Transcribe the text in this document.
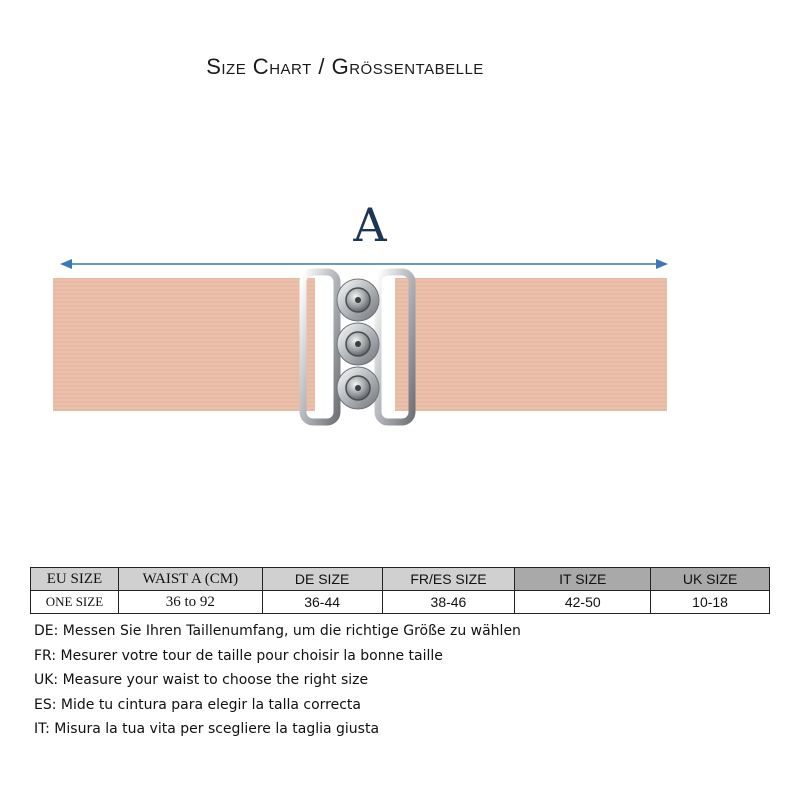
Size Chart / Grössentabelle
A
EU SIZE	WAIST A (CM)	DE SIZE	FR/ES SIZE	IT SIZE	UK SIZE
ONE SIZE	36 to 92	36-44	38-46	42-50	10-18
DE: Messen Sie Ihren Taillenumfang, um die richtige Größe zu wählen
FR: Mesurer votre tour de taille pour choisir la bonne taille
UK: Measure your waist to choose the right size
ES: Mide tu cintura para elegir la talla correcta
IT: Misura la tua vita per scegliere la taglia giusta
